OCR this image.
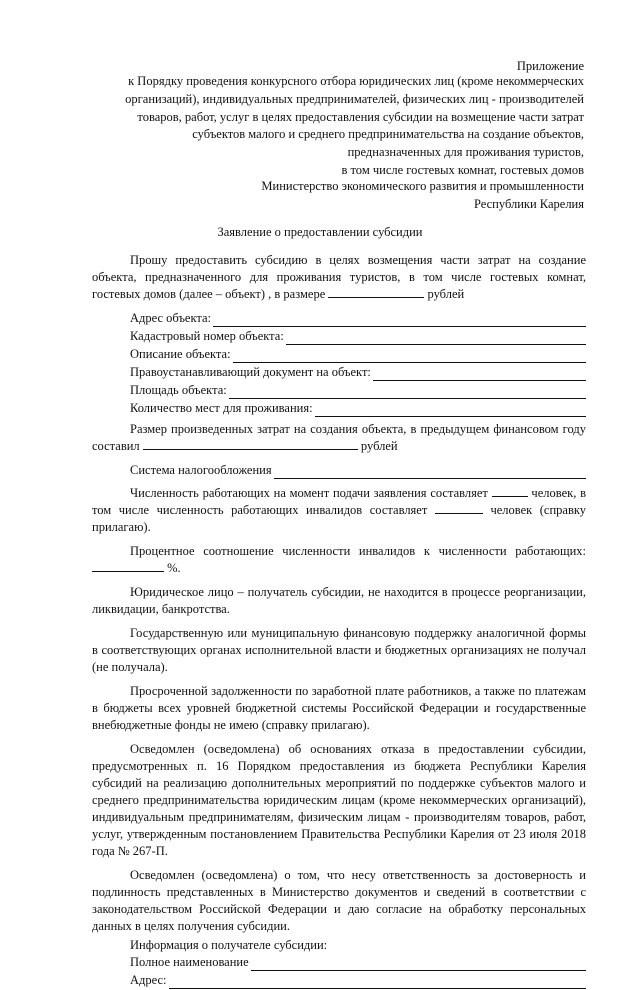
Приложение
к Порядку проведения конкурсного отбора юридических лиц (кроме некоммерческих
организаций), индивидуальных предпринимателей, физических лиц - производителей
товаров, работ, услуг в целях предоставления субсидии на возмещение части затрат
субъектов малого и среднего предпринимательства на создание объектов,
предназначенных для проживания туристов,
в том числе гостевых комнат, гостевых домов
Министерство экономического развития и промышленности
Республики Карелия
Заявление о предоставлении субсидии

Прошу предоставить субсидию в целях возмещения части затрат на создание объекта, предназначенного для проживания туристов, в том числе гостевых комнат, гостевых домов (далее – объект) , в размере	рублей

Адрес объекта:
Кадастровый номер объекта:
Описание объекта:
Правоустанавливающий документ на объект:
Площадь объекта:
Количество мест для проживания:

Размер произведенных затрат на создания объекта, в предыдущем финансовом году составил	рублей

Система налогообложения

Численность работающих на момент подачи заявления составляет	человек, в том числе численность работающих инвалидов составляет	человек (справку прилагаю).

Процентное соотношение численности инвалидов к численности работающих:  %.

Юридическое лицо – получатель субсидии, не находится в процессе реорганизации, ликвидации, банкротства.

Государственную или муниципальную финансовую поддержку аналогичной формы в соответствующих органах исполнительной власти и бюджетных организациях не получал (не получала).

Просроченной задолженности по заработной плате работников, а также по платежам в бюджеты всех уровней бюджетной системы Российской Федерации и государственные внебюджетные фонды не имею (справку прилагаю).

Осведомлен (осведомлена) об основаниях отказа в предоставлении субсидии, предусмотренных п. 16 Порядком предоставления из бюджета Республики Карелия субсидий на реализацию дополнительных мероприятий по поддержке субъектов малого и среднего предпринимательства юридическим лицам (кроме некоммерческих организаций), индивидуальным предпринимателям, физическим лицам - производителям товаров, работ, услуг, утвержденным постановлением Правительства Республики Карелия от 23 июля 2018 года № 267-П.

Осведомлен (осведомлена) о том, что несу ответственность за достоверность и подлинность представленных в Министерство документов и сведений в соответствии с законодательством Российской Федерации и даю согласие на обработку персональных данных в целях получения субсидии.

Информация о получателе субсидии:
Полное наименование
Адрес:
